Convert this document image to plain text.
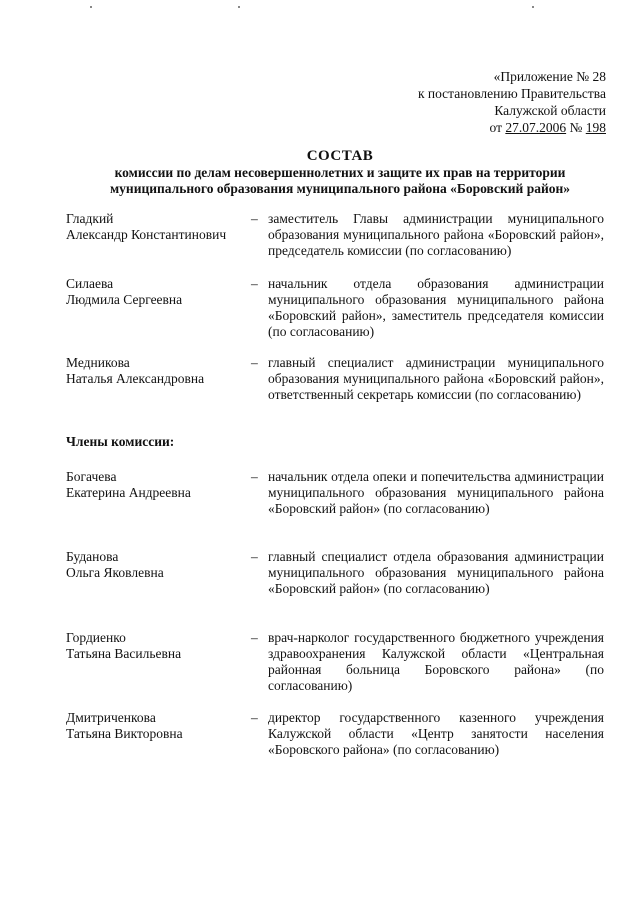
«Приложение № 28
к постановлению Правительства
Калужской области
от 27.07.2006 № 198
СОСТАВ
комиссии по делам несовершеннолетних и защите их прав на территории
муниципального образования муниципального района «Боровский район»
Гладкий
Александр Константинович
– заместитель Главы администрации муниципального образования муниципального района «Боровский район», председатель комиссии (по согласованию)
Силаева
Людмила Сергеевна
– начальник отдела образования администрации муниципального образования муниципального района «Боровский район», заместитель председателя комиссии (по согласованию)
Медникова
Наталья Александровна
– главный специалист администрации муниципального образования муниципального района «Боровский район», ответственный секретарь комиссии (по согласованию)
Члены комиссии:
Богачева
Екатерина Андреевна
– начальник отдела опеки и попечительства администрации муниципального образования муниципального района «Боровский район» (по согласованию)
Буданова
Ольга Яковлевна
– главный специалист отдела образования администрации муниципального образования муниципального района «Боровский район» (по согласованию)
Гордиенко
Татьяна Васильевна
– врач-нарколог государственного бюджетного учреждения здравоохранения Калужской области «Центральная районная больница Боровского района» (по согласованию)
Дмитриченкова
Татьяна Викторовна
– директор государственного казенного учреждения Калужской области «Центр занятости населения «Боровского района» (по согласованию)
